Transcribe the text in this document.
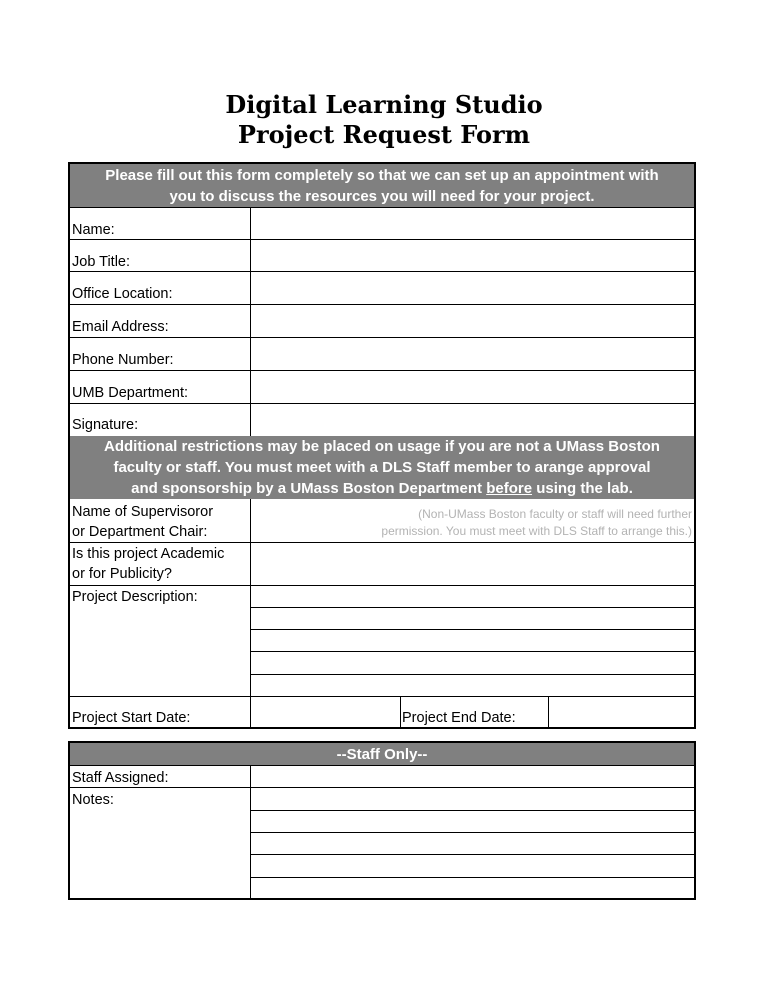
Digital Learning Studio
Project Request Form
Please fill out this form completely so that we can set up an appointment with
you to discuss the resources you will need for your project.
Name:
Job Title:
Office Location:
Email Address:
Phone Number:
UMB Department:
Signature:
Additional restrictions may be placed on usage if you are not a UMass Boston
faculty or staff. You must meet with a DLS Staff member to arange approval
and sponsorship by a UMass Boston Department before using the lab.
Name of Supervisoror
or Department Chair:
(Non-UMass Boston faculty or staff will need further
permission. You must meet with DLS Staff to arrange this.)
Is this project Academic
or for Publicity?
Project Description:
Project Start Date:	Project End Date:
--Staff Only--
Staff Assigned:
Notes:
